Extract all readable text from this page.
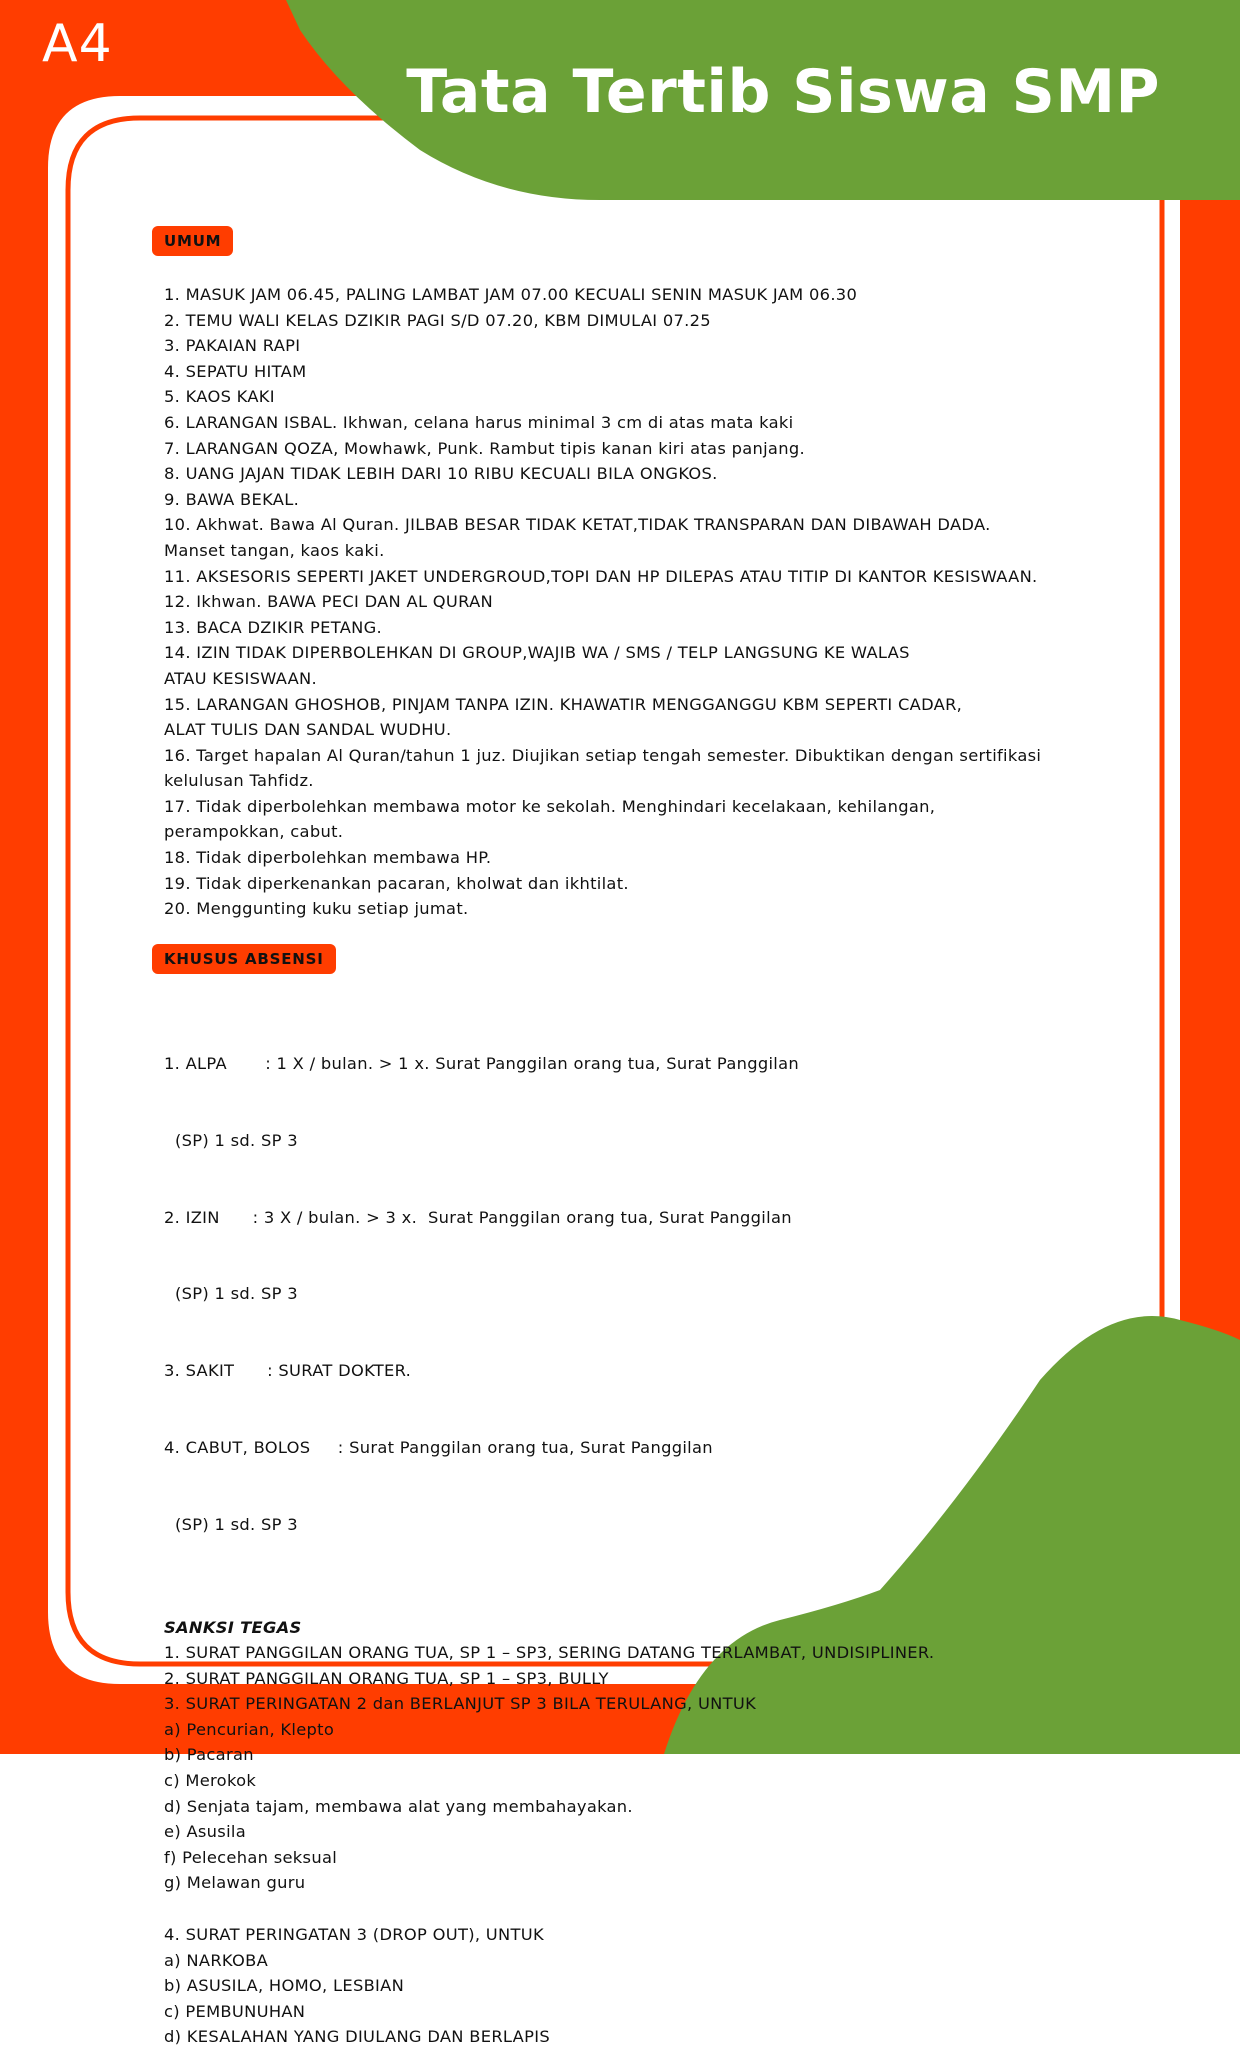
A4
Tata Tertib Siswa SMP
UMUM
1. MASUK JAM 06.45, PALING LAMBAT JAM 07.00 KECUALI SENIN MASUK JAM 06.30
2. TEMU WALI KELAS DZIKIR PAGI S/D 07.20, KBM DIMULAI 07.25
3. PAKAIAN RAPI
4. SEPATU HITAM
5. KAOS KAKI
6. LARANGAN ISBAL. Ikhwan, celana harus minimal 3 cm di atas mata kaki
7. LARANGAN QOZA, Mowhawk, Punk. Rambut tipis kanan kiri atas panjang.
8. UANG JAJAN TIDAK LEBIH DARI 10 RIBU KECUALI BILA ONGKOS.
9. BAWA BEKAL.
10. Akhwat. Bawa Al Quran. JILBAB BESAR TIDAK KETAT,TIDAK TRANSPARAN DAN DIBAWAH DADA.
Manset tangan, kaos kaki.
11. AKSESORIS SEPERTI JAKET UNDERGROUD,TOPI DAN HP DILEPAS ATAU TITIP DI KANTOR KESISWAAN.
12. Ikhwan. BAWA PECI DAN AL QURAN
13. BACA DZIKIR PETANG.
14. IZIN TIDAK DIPERBOLEHKAN DI GROUP,WAJIB WA / SMS / TELP LANGSUNG KE WALAS
ATAU KESISWAAN.
15. LARANGAN GHOSHOB, PINJAM TANPA IZIN. KHAWATIR MENGGANGGU KBM SEPERTI CADAR,
ALAT TULIS DAN SANDAL WUDHU.
16. Target hapalan Al Quran/tahun 1 juz. Diujikan setiap tengah semester. Dibuktikan dengan sertifikasi
kelulusan Tahfidz.
17. Tidak diperbolehkan membawa motor ke sekolah. Menghindari kecelakaan, kehilangan,
perampokkan, cabut.
18. Tidak diperbolehkan membawa HP.
19. Tidak diperkenankan pacaran, kholwat dan ikhtilat.
20. Menggunting kuku setiap jumat.
KHUSUS ABSENSI

1. ALPA       : 1 X / bulan. > 1 x. Surat Panggilan orang tua, Surat Panggilan

(SP) 1 sd. SP 3

2. IZIN      : 3 X / bulan. > 3 x.  Surat Panggilan orang tua, Surat Panggilan

(SP) 1 sd. SP 3

3. SAKIT      : SURAT DOKTER.

4. CABUT, BOLOS     : Surat Panggilan orang tua, Surat Panggilan

(SP) 1 sd. SP 3

SANKSI TEGAS
1. SURAT PANGGILAN ORANG TUA, SP 1 – SP3, SERING DATANG TERLAMBAT, UNDISIPLINER.
2. SURAT PANGGILAN ORANG TUA, SP 1 – SP3, BULLY
3. SURAT PERINGATAN 2 dan BERLANJUT SP 3 BILA TERULANG, UNTUK
a) Pencurian, Klepto
b) Pacaran
c) Merokok
d) Senjata tajam, membawa alat yang membahayakan.
e) Asusila
f) Pelecehan seksual
g) Melawan guru
4. SURAT PERINGATAN 3 (DROP OUT), UNTUK
a) NARKOBA
b) ASUSILA, HOMO, LESBIAN
c) PEMBUNUHAN
d) KESALAHAN YANG DIULANG DAN BERLAPIS
